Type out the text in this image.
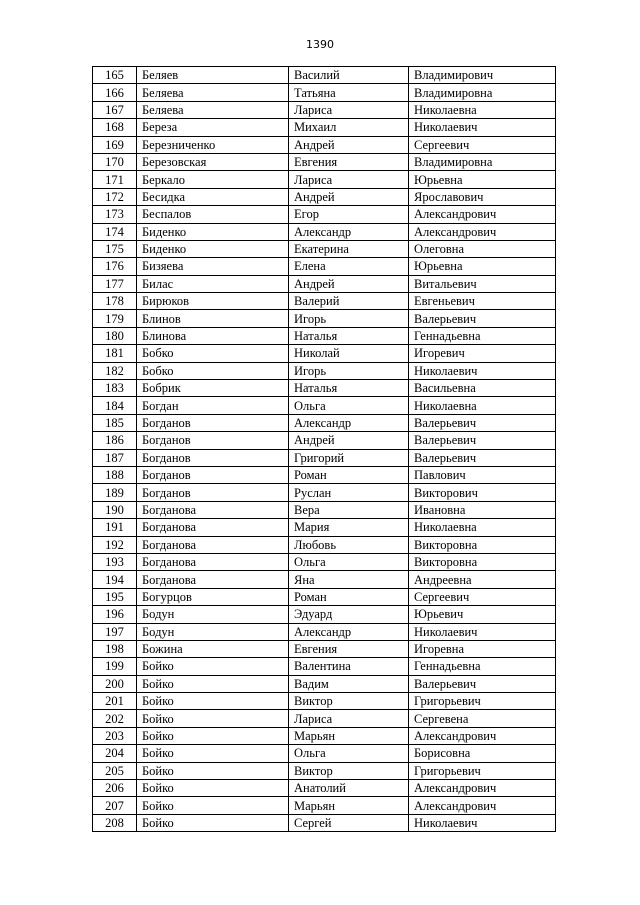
1390
165	Беляев	Василий	Владимирович
166	Беляева	Татьяна	Владимировна
167	Беляева	Лариса	Николаевна
168	Береза	Михаил	Николаевич
169	Березниченко	Андрей	Сергеевич
170	Березовская	Евгения	Владимировна
171	Беркало	Лариса	Юрьевна
172	Бесидка	Андрей	Ярославович
173	Беспалов	Егор	Александрович
174	Биденко	Александр	Александрович
175	Биденко	Екатерина	Олеговна
176	Бизяева	Елена	Юрьевна
177	Билас	Андрей	Витальевич
178	Бирюков	Валерий	Евгеньевич
179	Блинов	Игорь	Валерьевич
180	Блинова	Наталья	Геннадьевна
181	Бобко	Николай	Игоревич
182	Бобко	Игорь	Николаевич
183	Бобрик	Наталья	Васильевна
184	Богдан	Ольга	Николаевна
185	Богданов	Александр	Валерьевич
186	Богданов	Андрей	Валерьевич
187	Богданов	Григорий	Валерьевич
188	Богданов	Роман	Павлович
189	Богданов	Руслан	Викторович
190	Богданова	Вера	Ивановна
191	Богданова	Мария	Николаевна
192	Богданова	Любовь	Викторовна
193	Богданова	Ольга	Викторовна
194	Богданова	Яна	Андреевна
195	Богурцов	Роман	Сергеевич
196	Бодун	Эдуард	Юрьевич
197	Бодун	Александр	Николаевич
198	Божина	Евгения	Игоревна
199	Бойко	Валентина	Геннадьевна
200	Бойко	Вадим	Валерьевич
201	Бойко	Виктор	Григорьевич
202	Бойко	Лариса	Сергевена
203	Бойко	Марьян	Александрович
204	Бойко	Ольга	Борисовна
205	Бойко	Виктор	Григорьевич
206	Бойко	Анатолий	Александрович
207	Бойко	Марьян	Александрович
208	Бойко	Сергей	Николаевич
